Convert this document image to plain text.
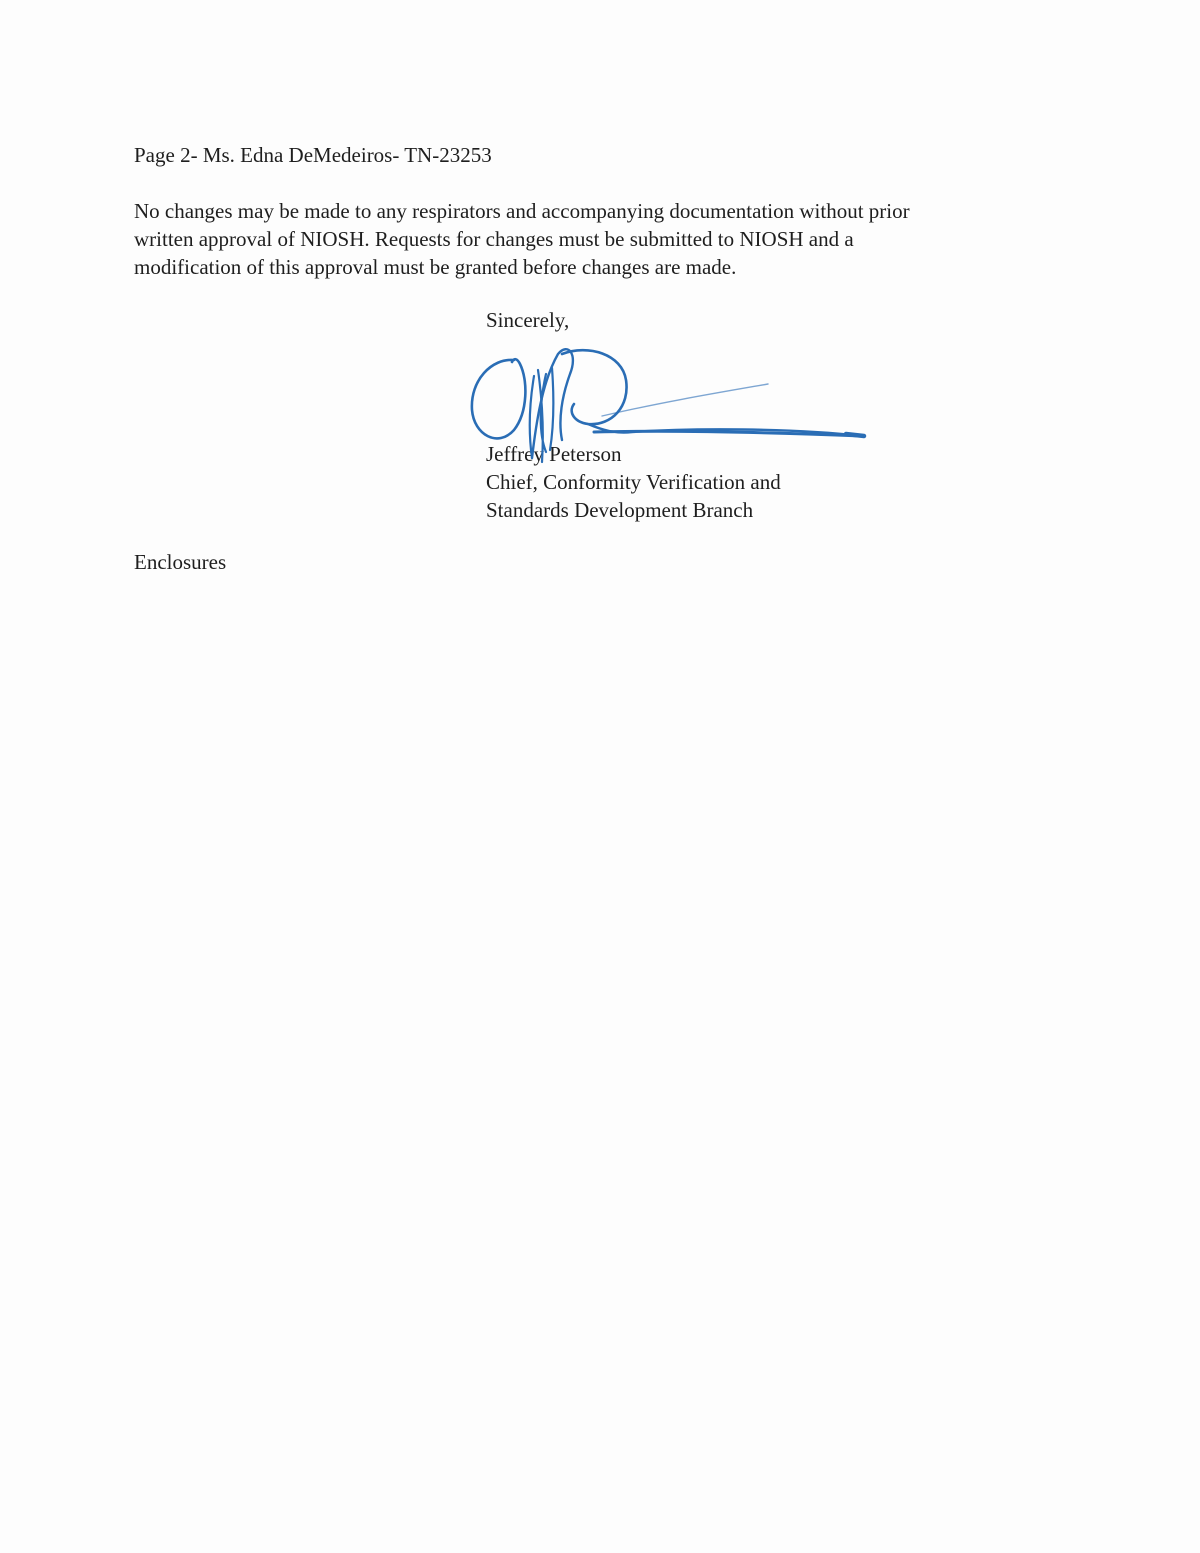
Page 2- Ms. Edna DeMedeiros- TN-23253
No changes may be made to any respirators and accompanying documentation without prior
written approval of NIOSH. Requests for changes must be submitted to NIOSH and a
modification of this approval must be granted before changes are made.
Sincerely,
Jeffrey Peterson
Chief, Conformity Verification and
Standards Development Branch
Enclosures
